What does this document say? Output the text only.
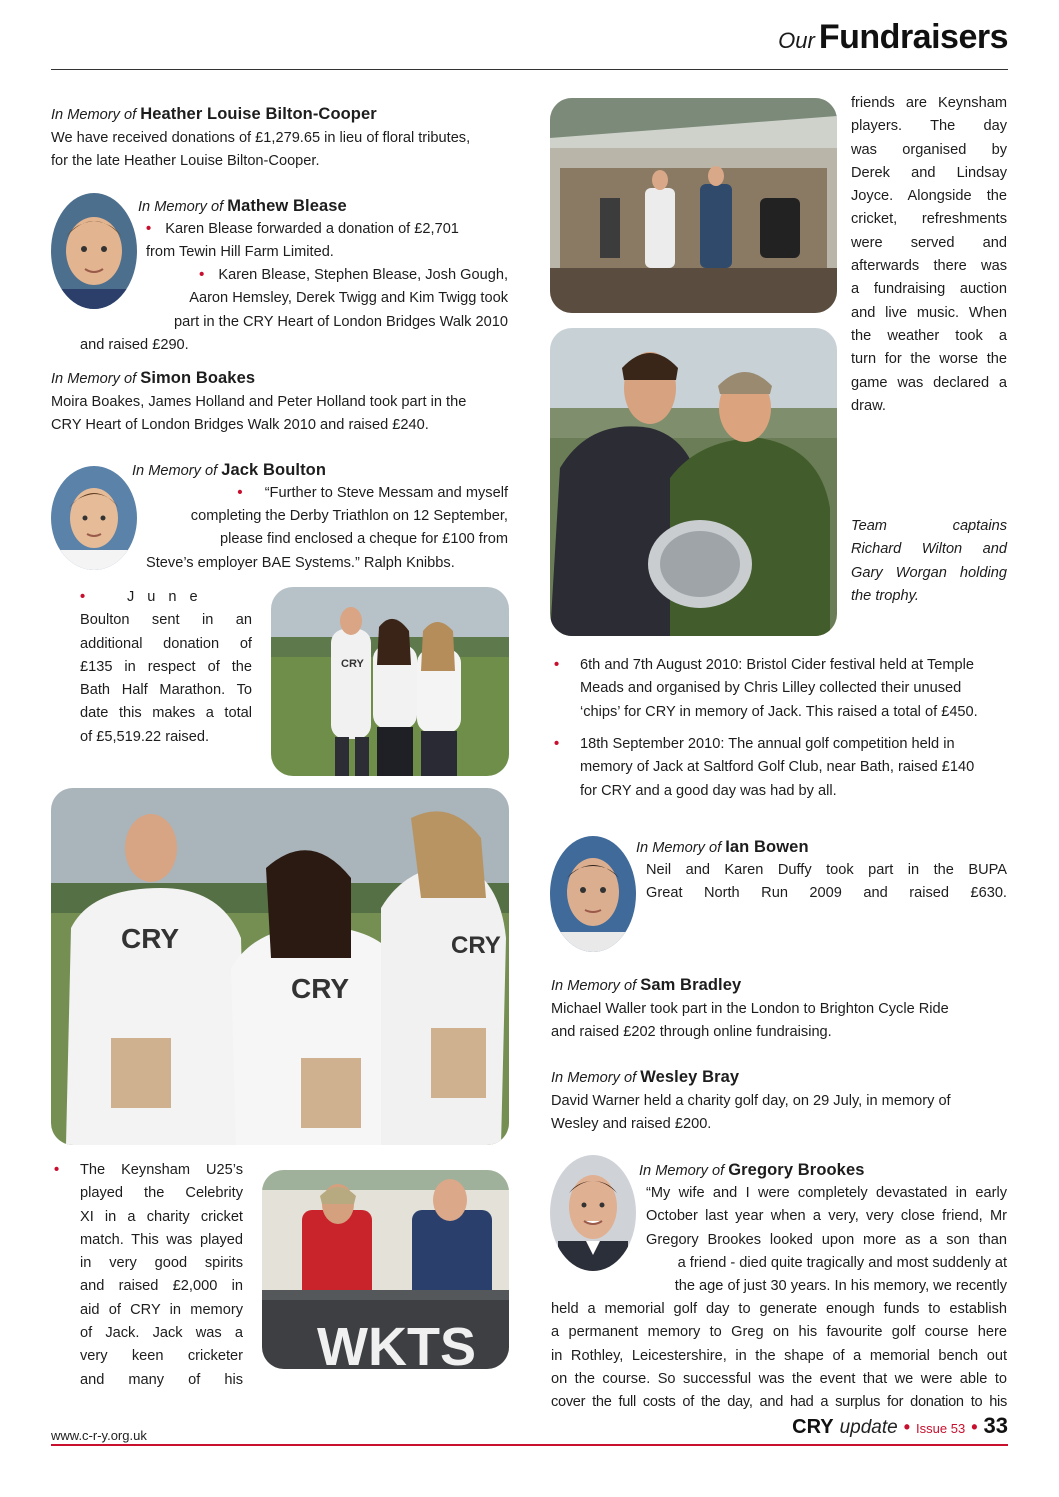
Our Fundraisers
In Memory of Heather Louise Bilton-Cooper
We have received donations of £1,279.65 in lieu of floral tributes,
for the late Heather Louise Bilton-Cooper.
In Memory of Mathew Blease
• Karen Blease forwarded a donation of £2,701
from Tewin Hill Farm Limited.
• Karen Blease, Stephen Blease, Josh Gough,
Aaron Hemsley, Derek Twigg and Kim Twigg took
part in the CRY Heart of London Bridges Walk 2010
and raised £290.
In Memory of Simon Boakes
Moira Boakes, James Holland and Peter Holland took part in the
CRY Heart of London Bridges Walk 2010 and raised £240.
In Memory of Jack Boulton
• “Further to Steve Messam and myself
completing the Derby Triathlon on 12 September,
please find enclosed a cheque for £100 from
Steve’s employer BAE Systems.” Ralph Knibbs.
• June
Boulton sent in an
additional donation of
£135 in respect of the
Bath Half Marathon. To
date this makes a total
of £5,519.22 raised.
CRY
CRY
CRY
CRY
• The Keynsham U25’s
played the Celebrity
XI in a charity cricket
match. This was played
in very good spirits
and raised £2,000 in
aid of CRY in memory
of Jack. Jack was a
very keen cricketer
and many of his
WKTS
friends are Keynsham
players. The day
was organised by
Derek and Lindsay
Joyce. Alongside the
cricket, refreshments
were served and
afterwards there was
a fundraising auction
and live music. When
the weather took a
turn for the worse the
game was declared a
draw.
Team captains
Richard Wilton and
Gary Worgan holding
the trophy.
• 6th and 7th August 2010: Bristol Cider festival held at Temple
Meads and organised by Chris Lilley collected their unused
‘chips’ for CRY in memory of Jack. This raised a total of £450.
• 18th September 2010: The annual golf competition held in
memory of Jack at Saltford Golf Club, near Bath, raised £140
for CRY and a good day was had by all.
In Memory of Ian Bowen
Neil and Karen Duffy took part in the BUPA
Great North Run 2009 and raised £630.
In Memory of Sam Bradley
Michael Waller took part in the London to Brighton Cycle Ride
and raised £202 through online fundraising.
In Memory of Wesley Bray
David Warner held a charity golf day, on 29 July, in memory of
Wesley and raised £200.
In Memory of Gregory Brookes
“My wife and I were completely devastated in early
October last year when a very, very close friend, Mr
Gregory Brookes looked upon more as a son than
a friend - died quite tragically and most suddenly at
the age of just 30 years. In his memory, we recently
held a memorial golf day to generate enough funds to establish
a permanent memory to Greg on his favourite golf course here
in Rothley, Leicestershire, in the shape of a memorial bench out
on the course. So successful was the event that we were able to
cover the full costs of the day, and had a surplus for donation to his
www.c-r-y.org.uk	CRY update • Issue 53 • 33
